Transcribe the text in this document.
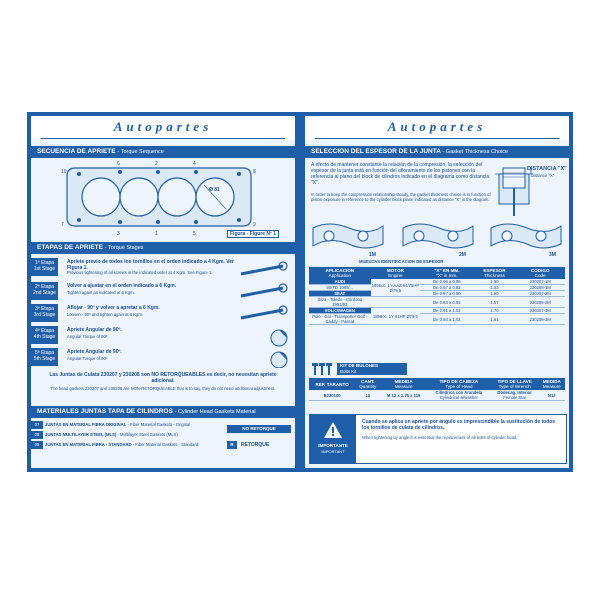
Autopartes
SECUENCIA DE APRIETE - Torque Sequence
10
6	2	4
8
7
3	1	5
9
Ø 81
Figura - Figure Nº 1
ETAPAS DE APRIETE - Torque Stages
1ª Etapa
1st Stage
Apriete previo de todos los tornillos en el orden indicado a 4 Kgm. Ver Figura 1.
Previous tightening of all screws in the indicated order at 4 Kgm. See Figure 1.
2ª Etapa
2nd Stage
Volver a ajustar en el orden indicado a 6 Kgm.
Tighten again as indicated at 6 Kgm.
3ª Etapa
3rd Stage
Aflojar - 90º y volver a apretar a 6 Kgm.
Loosen - 90º and tighten again at 6 Kgm.
4ª Etapa
4th Stage
Apriete Angular de 90º.
Angular Torque of 90º
5ª Etapa
5th Stage
Apriete Angular de 90º.
Angular Torque of 90º
Las Juntas de Culata 230207 y 230208 son NO RETORQUEABLES es decir, no necesitan apriete adicional.
The head gaskets 230207 and 230208 are NON-RETORQUEABLE that is to say, they do not need additional adjustment.
MATERIALES JUNTAS TAPA DE CILINDROS - Cylinder Head Gaskets Material
07	JUNTAS EN MATERIAL FIBRA ORIGINAL - Fiber Material Gaskets - Original
08	JUNTAS MULTILAYER STEEL (MLS) - Multilayer Steel Gaskets (MLS)
05	JUNTAS EN MATERIAL FIBRA - STANDARD - Fiber Material Gaskets - Standard
NO RETORQUE
R	RETORQUE
Autopartes
SELECCION DEL ESPESOR DE LA JUNTA - Gasket Thickness Choice
A efecto de mantener constante la relación de la compresión, la selección del espesor de la junta está en función del afloramiento de los pistones con la referencia al plano del block de cilindros indicado en el diagrama como distancia "X".
In order to keep the compression relationship steady, the gasket thickness choice is in function of piston exposure in reference to the cylinder block plane indicated as distance "X" in the diagram.
DISTANCIA "X"
Distance "X"
1M	2M	3M
MUESCAS IDENTIFICACION DE ESPESOR
APLICACION
Application	MOTOR
Engine	"X" EN MM.
"X" in mm.	ESPESOR
Thickness	CODIGO
Code
AUDI	1896cc. 1Y-AAZ 64/75HP Ø79,5	De 0.66 a 0.86	1.50	230207-1M
80/TD 1989/...		De 0.67 a 0.82	1.53	230208-1M
SEAT		De 0.87 a 0.90	1.60	230207-2M
Ibiza - Toledo - Córdoba 1991/93		De 0.83 a 0.92	1.57	230208-2M
VOLKSWAGEN	1896cc. 1Y 61HP Ø79,5	De 0.91 a 1.02	1.70	230207-3M
Polo - Gol - Transporter Golf - Caddy - Passat		De 0.93 a 1.02	1.61	230208-3M
KIT DE BULONES
Bolts Kit
REF. TARANTO	CANT.
Quantity	MEDIDA
Measure	TIPO DE CABEZA
Type of Head	TIPO DE LLAVE
Type of Wrench	MEDIDA
Measure
B230100	10	M 12 x 1.75 x 115	Cilíndrica con Arandela
Cylindrical w/washer	Dodecag. Interior
Female Star	N12
IMPORTANTE
IMPORTANT
Cuando se aplica un apriete por ángulo es imprescindible la sustitución de todos los tornillos de culata de cilindros.
When tightening by angle it is essential the replacement of all bolts of cylinder head.
